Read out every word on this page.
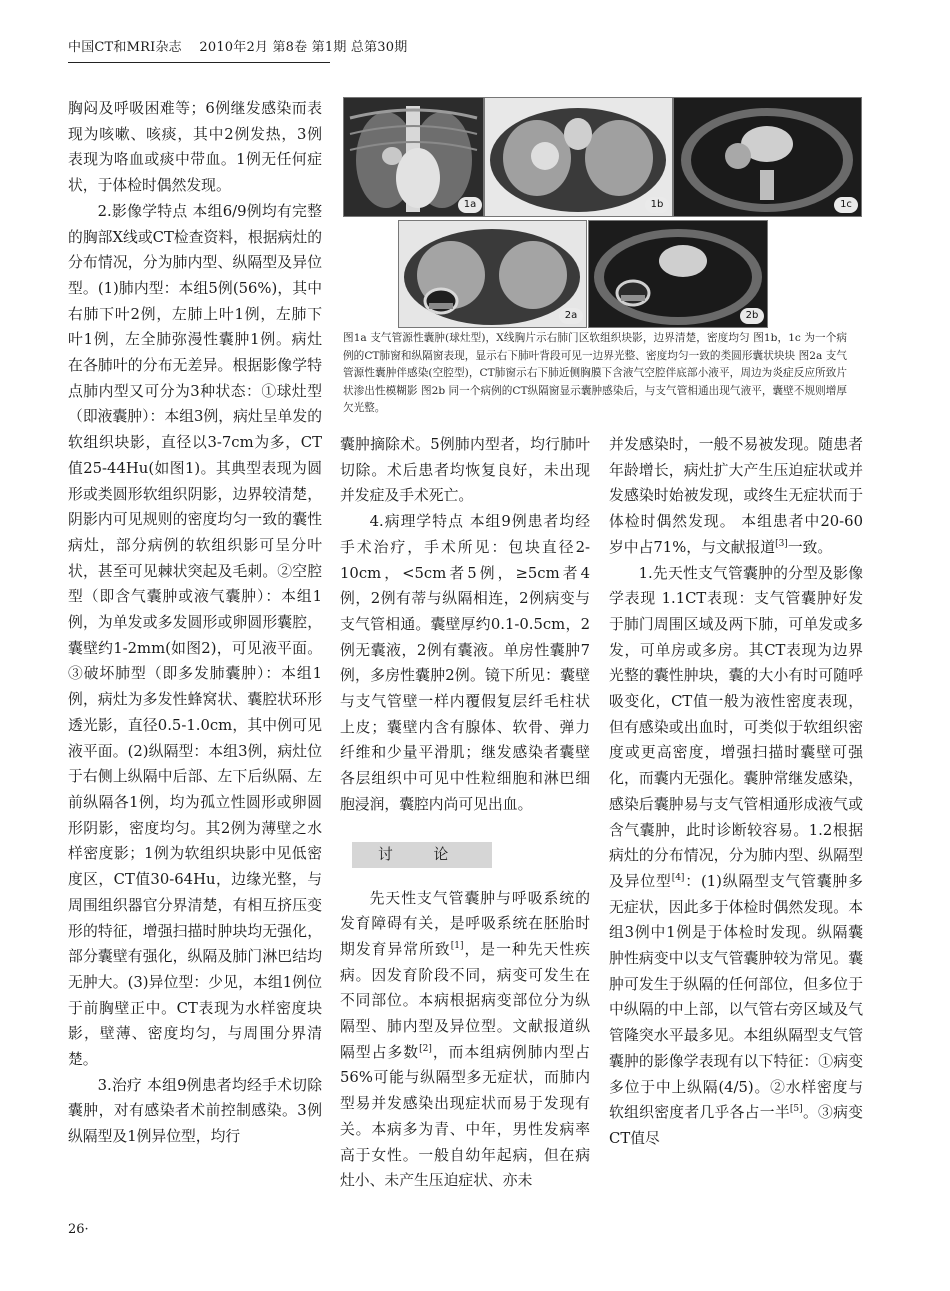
中国CT和MRI杂志　 2010年2月 第8卷 第1期 总第30期

胸闷及呼吸困难等；6例继发感染而表现为咳嗽、咳痰，其中2例发热，3例表现为咯血或痰中带血。1例无任何症状，于体检时偶然发现。

2.影像学特点 本组6/9例均有完整的胸部X线或CT检查资料，根据病灶的分布情况，分为肺内型、纵隔型及异位型。(1)肺内型：本组5例(56%)，其中右肺下叶2例，左肺上叶1例，左肺下叶1例，左全肺弥漫性囊肿1例。病灶在各肺叶的分布无差异。根据影像学特点肺内型又可分为3种状态：①球灶型（即液囊肿）：本组3例，病灶呈单发的软组织块影，直径以3-7cm为多，CT值25-44Hu(如图1)。其典型表现为圆形或类圆形软组织阴影，边界较清楚，阴影内可见规则的密度均匀一致的囊性病灶，部分病例的软组织影可呈分叶状，甚至可见棘状突起及毛刺。②空腔型（即含气囊肿或液气囊肿）：本组1例，为单发或多发圆形或卵圆形囊腔，囊壁约1-2mm(如图2)，可见液平面。③破坏肺型（即多发肺囊肿）：本组1例，病灶为多发性蜂窝状、囊腔状环形透光影，直径0.5-1.0cm，其中例可见液平面。(2)纵隔型：本组3例，病灶位于右侧上纵隔中后部、左下后纵隔、左前纵隔各1例，均为孤立性圆形或卵圆形阴影，密度均匀。其2例为薄壁之水样密度影；1例为软组织块影中见低密度区，CT值30-64Hu，边缘光整，与周围组织器官分界清楚，有相互挤压变形的特征，增强扫描时肿块均无强化，部分囊壁有强化，纵隔及肺门淋巴结均无肿大。(3)异位型：少见，本组1例位于前胸壁正中。CT表现为水样密度块影，壁薄、密度均匀，与周围分界清楚。

3.治疗 本组9例患者均经手术切除囊肿，对有感染者术前控制感染。3例纵隔型及1例异位型，均行

1a	1b	1c
2a	2b
图1a 支气管源性囊肿(球灶型)，X线胸片示右肺门区软组织块影，边界清楚，密度均匀 图1b，1c 为一个病例的CT肺窗和纵隔窗表现，显示右下肺叶背段可见一边界光整、密度均匀一致的类圆形囊状块块 图2a 支气管源性囊肿伴感染(空腔型)，CT肺窗示右下肺近侧胸膜下含液气空腔伴底部小液平，周边为炎症反应所致片状渗出性模糊影 图2b 同一个病例的CT纵隔窗显示囊肿感染后，与支气管相通出现气液平，囊壁不规则增厚欠光整。

囊肿摘除术。5例肺内型者，均行肺叶切除。术后患者均恢复良好，未出现并发症及手术死亡。

4.病理学特点 本组9例患者均经手术治疗，手术所见：包块直径2-10cm，<5cm者5例，≥5cm者4例，2例有蒂与纵隔相连，2例病变与支气管相通。囊壁厚约0.1-0.5cm，2例无囊液，2例有囊液。单房性囊肿7例，多房性囊肿2例。镜下所见：囊壁与支气管壁一样内覆假复层纤毛柱状上皮；囊壁内含有腺体、软骨、弹力纤维和少量平滑肌；继发感染者囊壁各层组织中可见中性粒细胞和淋巴细胞浸润，囊腔内尚可见出血。

讨 论

先天性支气管囊肿与呼吸系统的发育障碍有关，是呼吸系统在胚胎时期发育异常所致[1]，是一种先天性疾病。因发育阶段不同，病变可发生在不同部位。本病根据病变部位分为纵隔型、肺内型及异位型。文献报道纵隔型占多数[2]，而本组病例肺内型占56%可能与纵隔型多无症状，而肺内型易并发感染出现症状而易于发现有关。本病多为青、中年，男性发病率高于女性。一般自幼年起病，但在病灶小、未产生压迫症状、亦未

并发感染时，一般不易被发现。随患者年龄增长，病灶扩大产生压迫症状或并发感染时始被发现，或终生无症状而于体检时偶然发现。 本组患者中20-60岁中占71%，与文献报道[3]一致。

1.先天性支气管囊肿的分型及影像学表现 1.1CT表现：支气管囊肿好发于肺门周围区域及两下肺，可单发或多发，可单房或多房。其CT表现为边界光整的囊性肿块，囊的大小有时可随呼吸变化，CT值一般为液性密度表现，但有感染或出血时，可类似于软组织密度或更高密度，增强扫描时囊壁可强化，而囊内无强化。囊肿常继发感染，感染后囊肿易与支气管相通形成液气或含气囊肿，此时诊断较容易。1.2根据病灶的分布情况，分为肺内型、纵隔型及异位型[4]：(1)纵隔型支气管囊肿多无症状，因此多于体检时偶然发现。本组3例中1例是于体检时发现。纵隔囊肿性病变中以支气管囊肿较为常见。囊肿可发生于纵隔的任何部位，但多位于中纵隔的中上部，以气管右旁区域及气管隆突水平最多见。本组纵隔型支气管囊肿的影像学表现有以下特征：①病变多位于中上纵隔(4/5)。②水样密度与软组织密度者几乎各占一半[5]。③病变CT值尽

26·
